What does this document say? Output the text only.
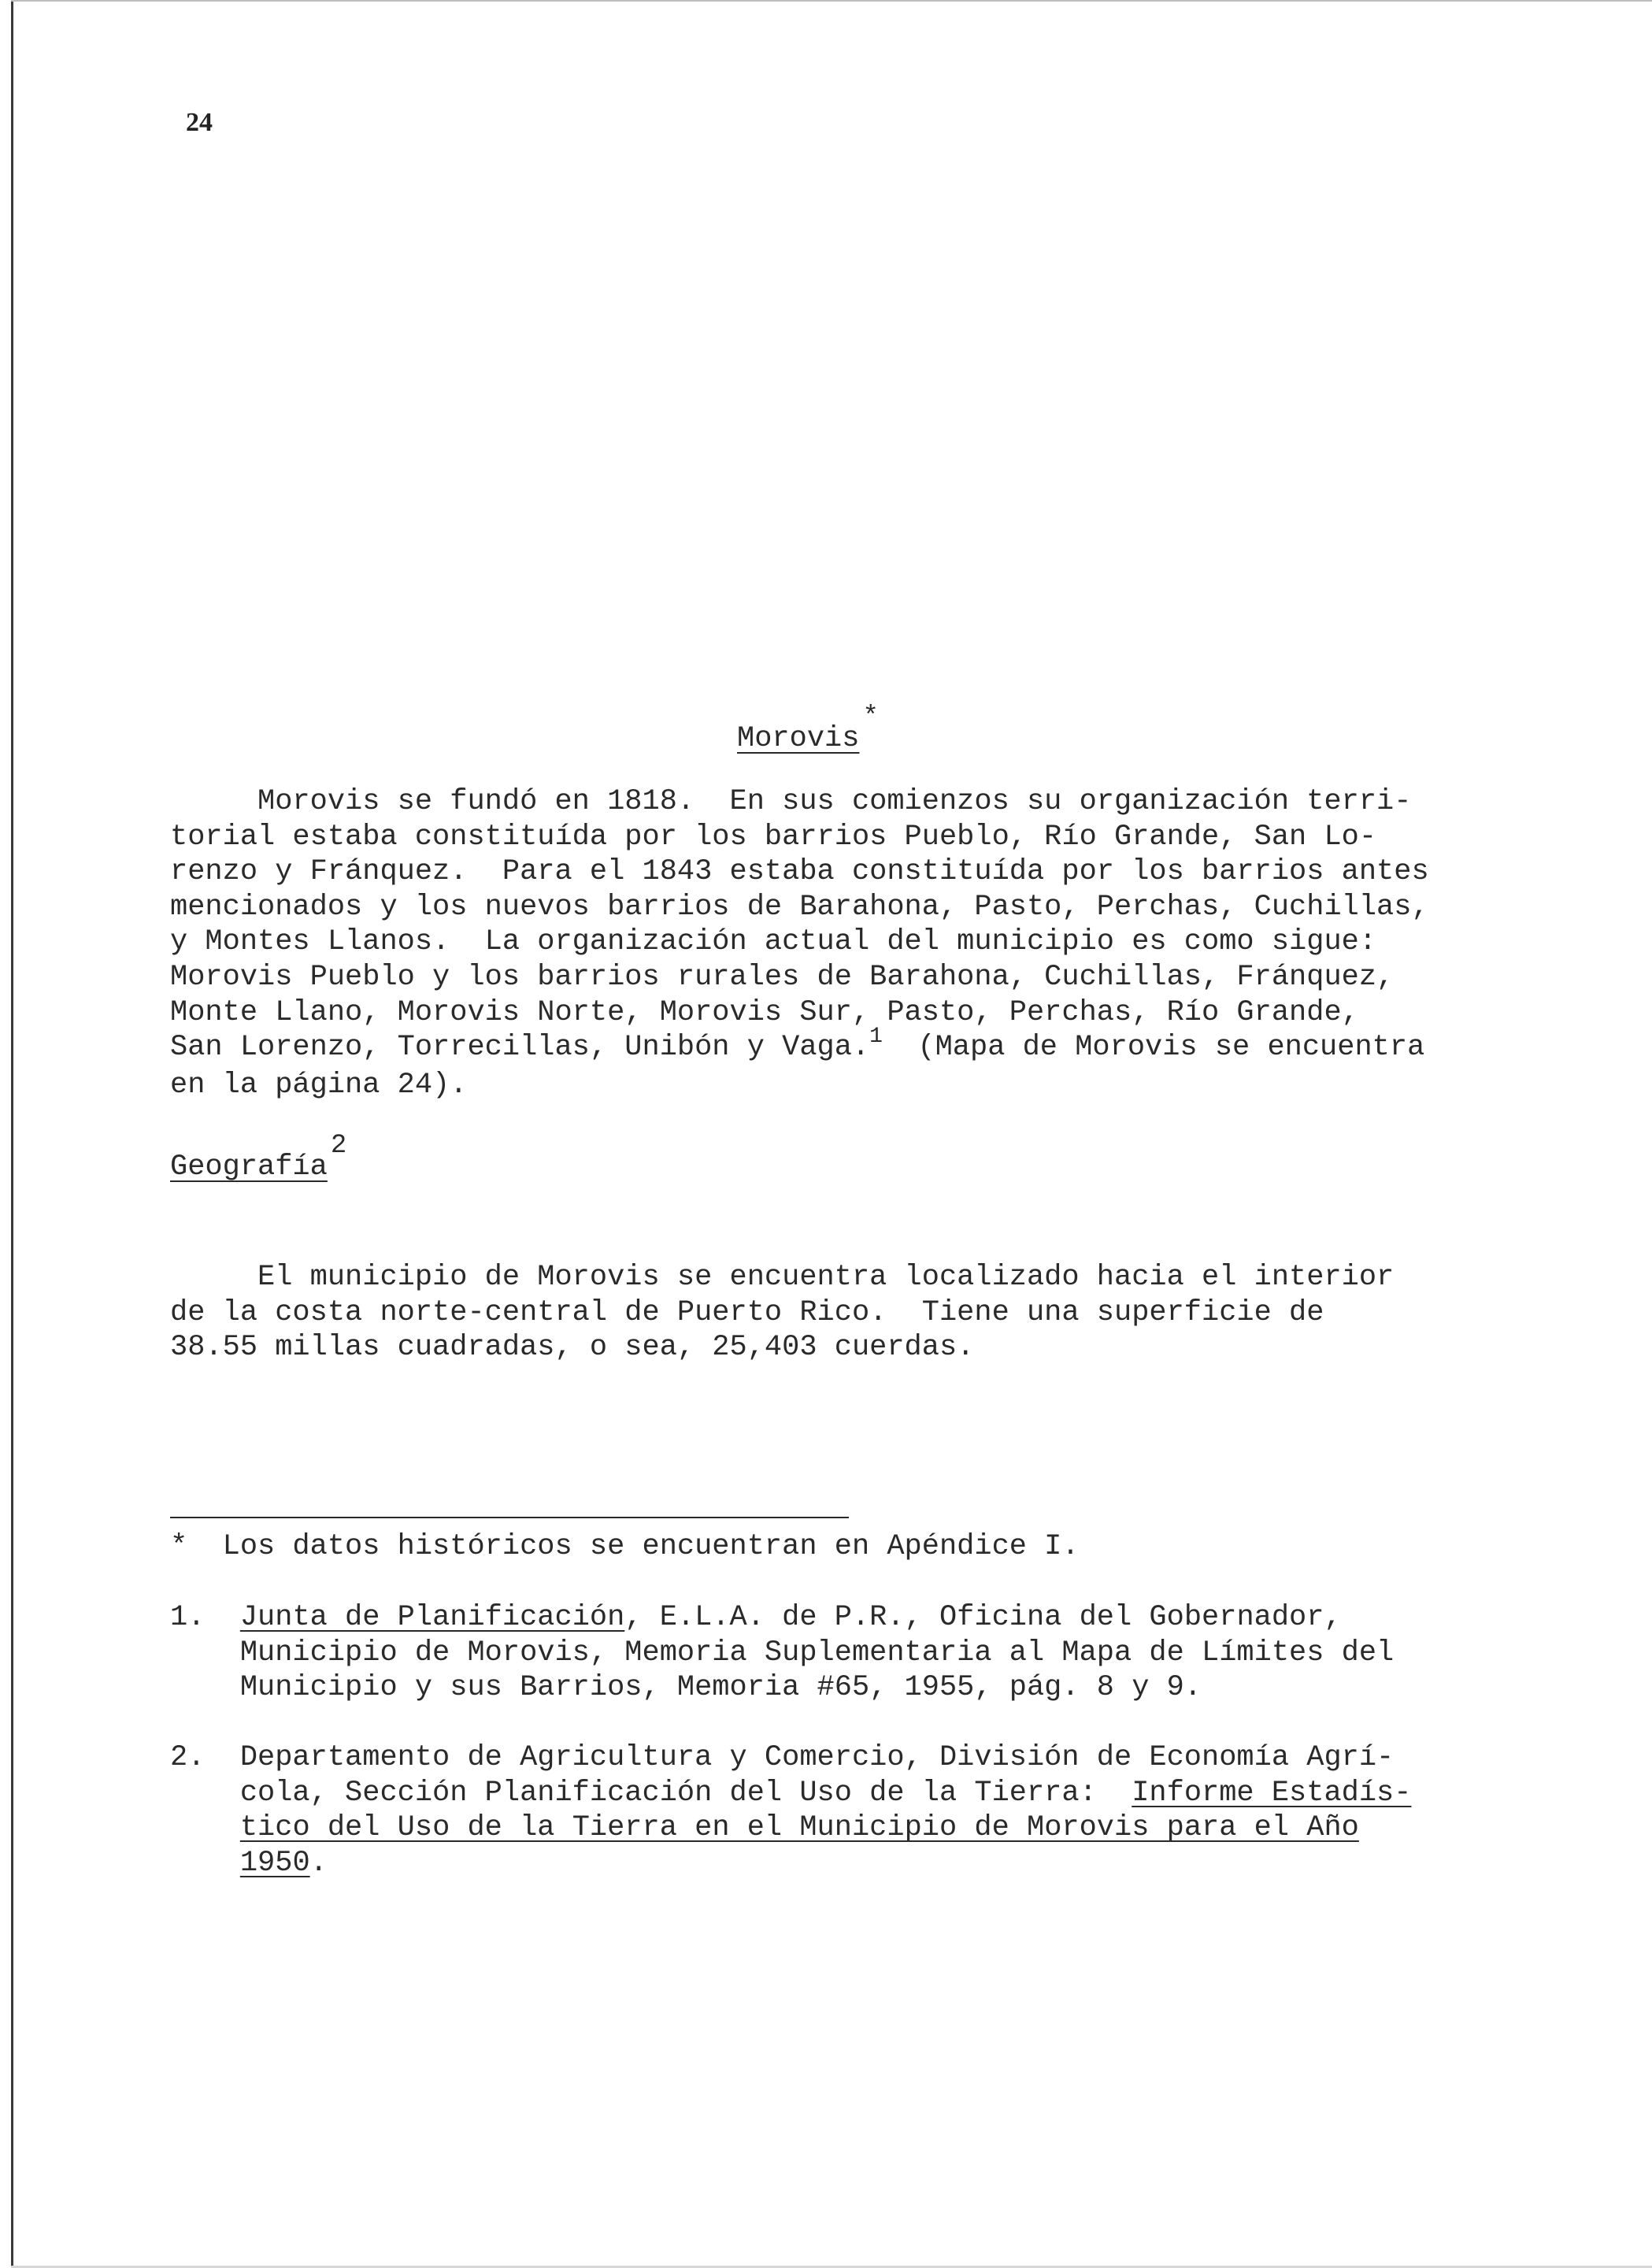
24
Morovis*
Morovis se fundó en 1818.  En sus comienzos su organización terri-
torial estaba constituída por los barrios Pueblo, Río Grande, San Lo-
renzo y Fránquez.  Para el 1843 estaba constituída por los barrios antes
mencionados y los nuevos barrios de Barahona, Pasto, Perchas, Cuchillas,
y Montes Llanos.  La organización actual del municipio es como sigue:
Morovis Pueblo y los barrios rurales de Barahona, Cuchillas, Fránquez,
Monte Llano, Morovis Norte, Morovis Sur, Pasto, Perchas, Río Grande,
San Lorenzo, Torrecillas, Unibón y Vaga.$^1$  (Mapa de Morovis se encuentra
en la página 24).
Geografía2
El municipio de Morovis se encuentra localizado hacia el interior
de la costa norte-central de Puerto Rico.  Tiene una superficie de
38.55 millas cuadradas, o sea, 25,403 cuerdas.
*  Los datos históricos se encuentran en Apéndice I.
1.  Junta de Planificación, E.L.A. de P.R., Oficina del Gobernador,
Municipio de Morovis, Memoria Suplementaria al Mapa de Límites del
Municipio y sus Barrios, Memoria #65, 1955, pág. 8 y 9.
2.  Departamento de Agricultura y Comercio, División de Economía Agrí-
cola, Sección Planificación del Uso de la Tierra:  Informe Estadís-
tico del Uso de la Tierra en el Municipio de Morovis para el Año
1950.
